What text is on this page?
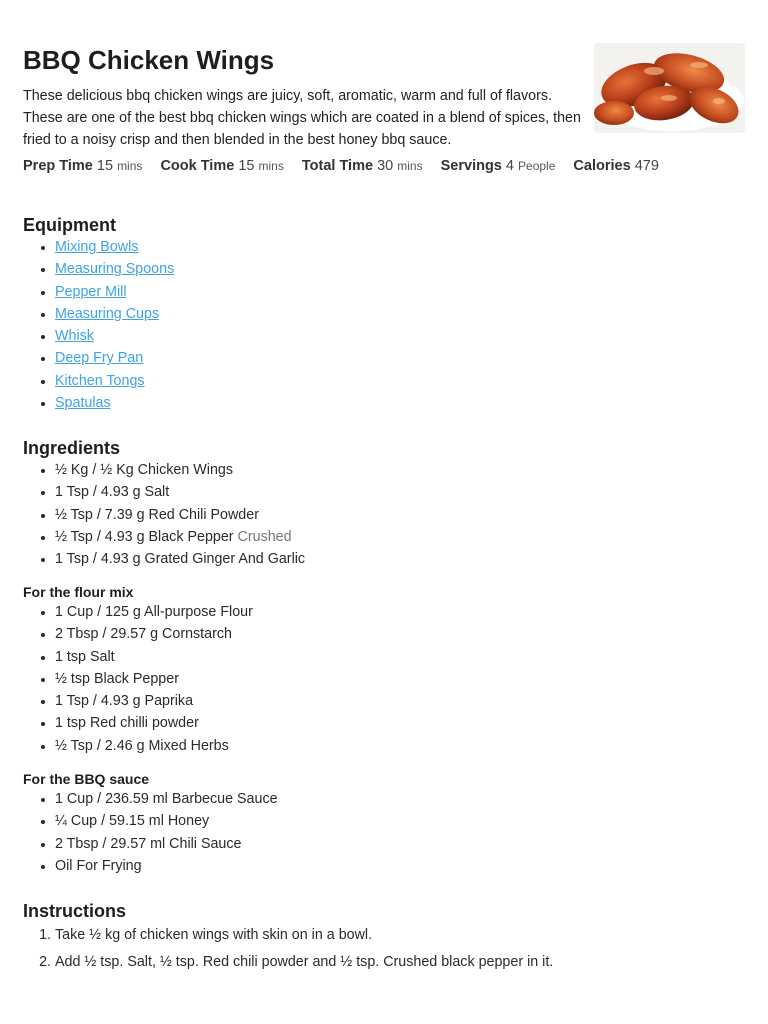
BBQ Chicken Wings

These delicious bbq chicken wings are juicy, soft, aromatic, warm and full of flavors. These are one of the best bbq chicken wings which are coated in a blend of spices, then fried to a noisy crisp and then blended in the best honey bbq sauce.

Prep Time 15 mins Cook Time 15 mins Total Time 30 mins Servings 4 People Calories 479
Equipment
• Mixing Bowls
• Measuring Spoons
• Pepper Mill
• Measuring Cups
• Whisk
• Deep Fry Pan
• Kitchen Tongs
• Spatulas
Ingredients
• ½ Kg / ½ Kg Chicken Wings
• 1 Tsp / 4.93 g Salt
• ½ Tsp / 7.39 g Red Chili Powder
• ½ Tsp / 4.93 g Black Pepper Crushed
• 1 Tsp / 4.93 g Grated Ginger And Garlic
For the flour mix
• 1 Cup / 125 g All-purpose Flour
• 2 Tbsp / 29.57 g Cornstarch
• 1 tsp Salt
• ½ tsp Black Pepper
• 1 Tsp / 4.93 g Paprika
• 1 tsp Red chilli powder
• ½ Tsp / 2.46 g Mixed Herbs
For the BBQ sauce
• 1 Cup / 236.59 ml Barbecue Sauce
• ¼ Cup / 59.15 ml Honey
• 2 Tbsp / 29.57 ml Chili Sauce
• Oil For Frying
Instructions
1. Take ½ kg of chicken wings with skin on in a bowl.
2. Add ½ tsp. Salt, ½ tsp. Red chili powder and ½ tsp. Crushed black pepper in it.
